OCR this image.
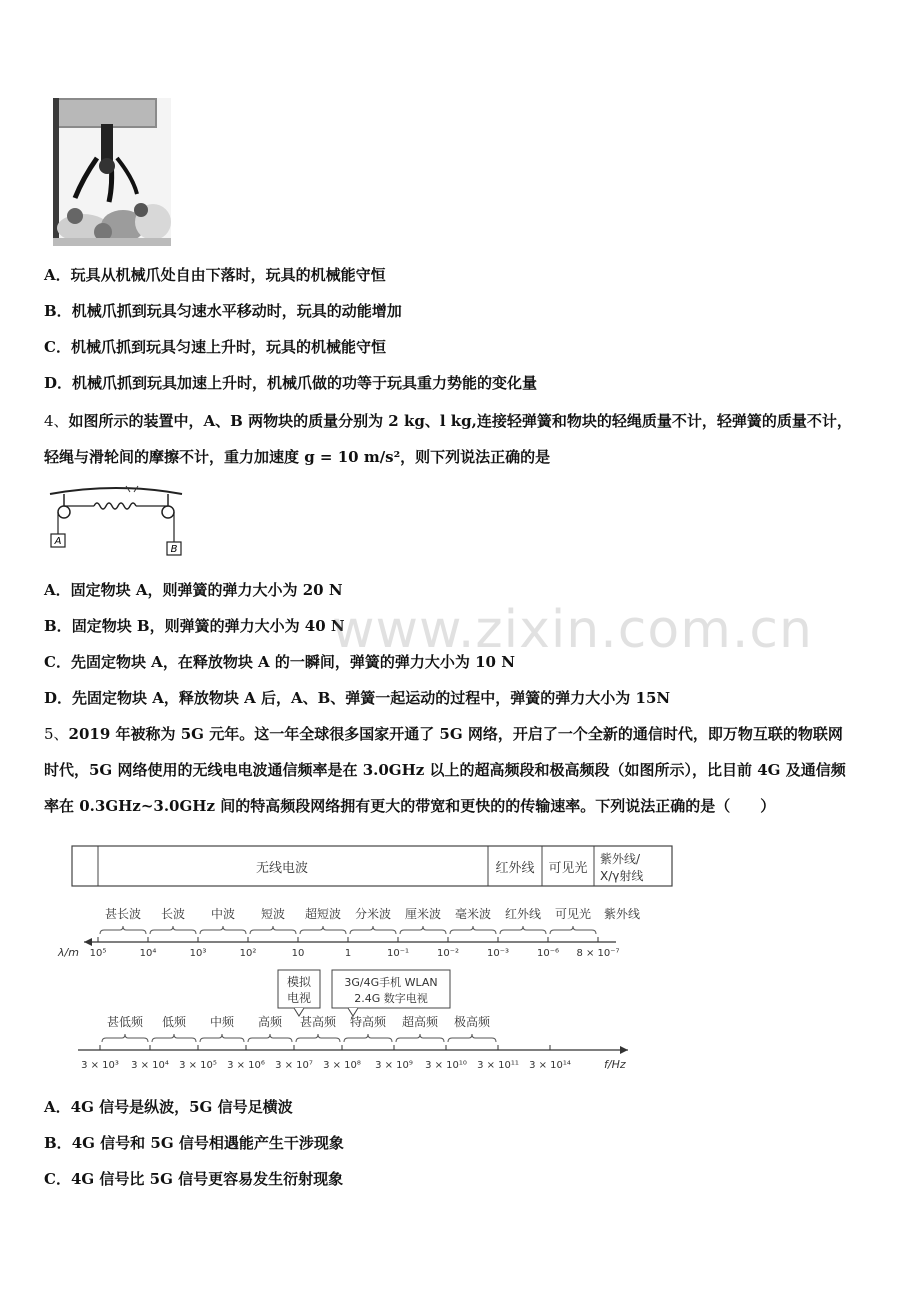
A．玩具从机械爪处自由下落时，玩具的机械能守恒
B．机械爪抓到玩具匀速水平移动时，玩具的动能增加
C．机械爪抓到玩具匀速上升时，玩具的机械能守恒
D．机械爪抓到玩具加速上升时，机械爪做的功等于玩具重力势能的变化量
4、如图所示的装置中，A、B 两物块的质量分别为 2 kg、l kg,连接轻弹簧和物块的轻绳质量不计，轻弹簧的质量不计，
轻绳与滑轮间的摩擦不计，重力加速度 g = 10 m/s²，则下列说法正确的是
A
B
A．固定物块 A，则弹簧的弹力大小为 20 N
B．固定物块 B，则弹簧的弹力大小为 40 N
C．先固定物块 A，在释放物块 A 的一瞬间，弹簧的弹力大小为 10 N
D．先固定物块 A，释放物块 A 后，A、B、弹簧一起运动的过程中，弹簧的弹力大小为 15N
5、2019 年被称为 5G 元年。这一年全球很多国家开通了 5G 网络，开启了一个全新的通信时代，即万物互联的物联网
时代，5G 网络使用的无线电电波通信频率是在 3.0GHz 以上的超高频段和极高频段（如图所示），比目前 4G 及通信频
率在 0.3GHz~3.0GHz 间的特高频段网络拥有更大的带宽和更快的的传输速率。下列说法正确的是（　　）
无线电波	红外线 可见光
紫外线/
X/γ射线
甚长波 长波 中波 短波 超短波 分米波 厘米波 毫米波 红外线 可见光 紫外线
λ/m 10⁵	10⁴	10³	10²	10	1	10⁻¹	10⁻²	10⁻³	10⁻⁶ 8 × 10⁻⁷
模拟
电视
3G/4G手机 WLAN
2.4G 数字电视
甚低频 低频 中频 高频 甚高频 特高频 超高频 极高频
f/Hz
3 × 10³ 3 × 10⁴ 3 × 10⁵ 3 × 10⁶ 3 × 10⁷ 3 × 10⁸ 3 × 10⁹ 3 × 10¹⁰ 3 × 10¹¹ 3 × 10¹⁴
A．4G 信号是纵波，5G 信号足横波
B．4G 信号和 5G 信号相遇能产生干涉现象
C．4G 信号比 5G 信号更容易发生衍射现象
www.zixin.com.cn
